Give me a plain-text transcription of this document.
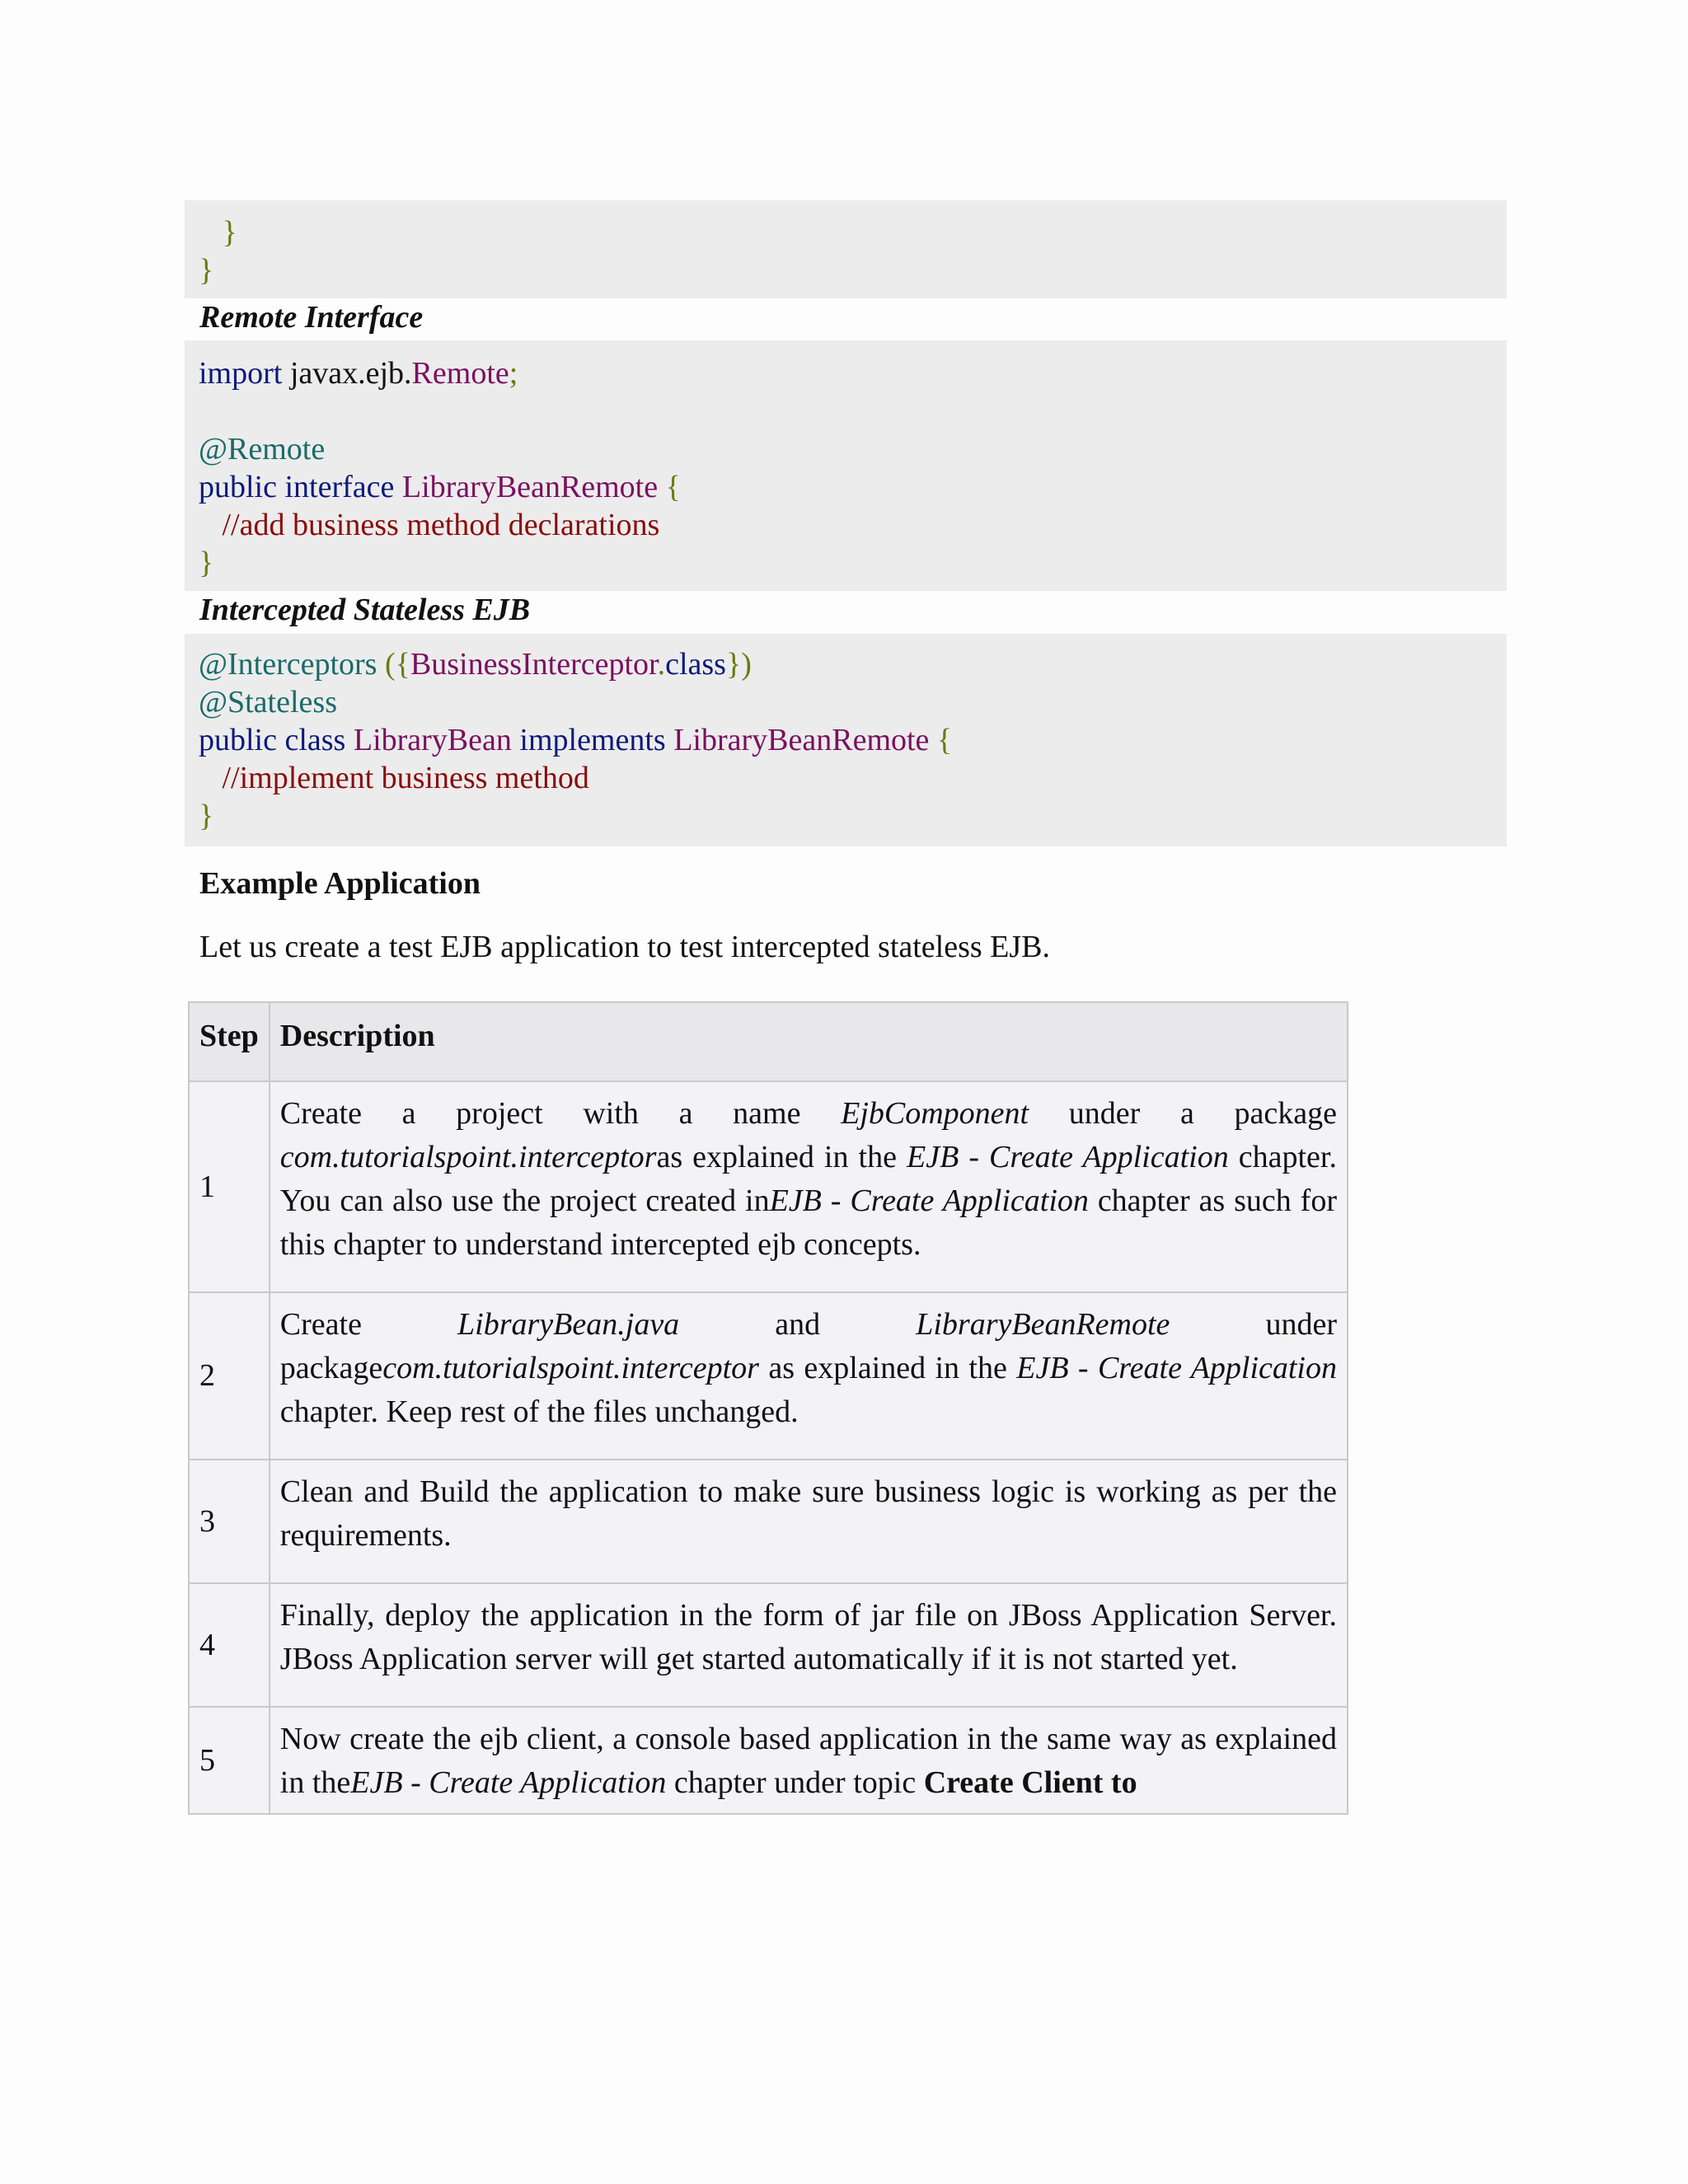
}
}
Remote Interface
import javax.ejb.Remote;

@Remote
public interface LibraryBeanRemote {
//add business method declarations
}
Intercepted Stateless EJB
@Interceptors ({BusinessInterceptor.class})
@Stateless
public class LibraryBean implements LibraryBeanRemote {
//implement business method
}
Example Application
Let us create a test EJB application to test intercepted stateless EJB.
Step	Description
1	Create a project with a name EjbComponent under a package com.tutorialspoint.interceptoras explained in the EJB - Create Application chapter. You can also use the project created inEJB - Create Application chapter as such for this chapter to understand intercepted ejb concepts.
2	Create LibraryBean.java and LibraryBeanRemote under packagecom.tutorialspoint.interceptor as explained in the EJB - Create Application chapter. Keep rest of the files unchanged.
3	Clean and Build the application to make sure business logic is working as per the requirements.
4	Finally, deploy the application in the form of jar file on JBoss Application Server. JBoss Application server will get started automatically if it is not started yet.
5	Now create the ejb client, a console based application in the same way as explained in theEJB - Create Application chapter under topic Create Client to
